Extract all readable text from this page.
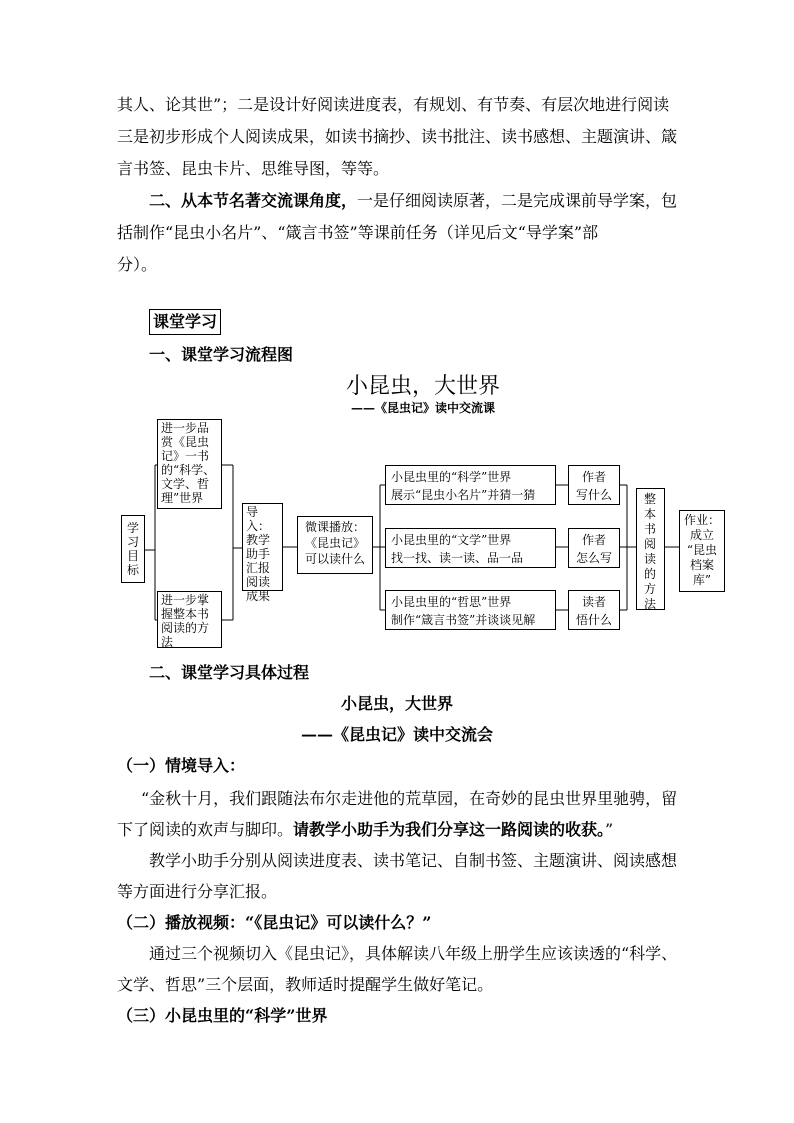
其人、论其世”；二是设计好阅读进度表，有规划、有节奏、有层次地进行阅读
三是初步形成个人阅读成果，如读书摘抄、读书批注、读书感想、主题演讲、箴
言书签、昆虫卡片、思维导图，等等。
二、从本节名著交流课角度，一是仔细阅读原著，二是完成课前导学案，包
括制作“昆虫小名片”、“箴言书签”等课前任务（详见后文“导学案”部
分）。
课堂学习
一、课堂学习流程图
小昆虫，大世界
——《昆虫记》读中交流课
学习目标
进一步品赏《昆虫记》一书的“科学、文学、哲理”世界
进一步掌握整本书阅读的方法
导入：教学助手汇报阅读成果
微课播放：
《昆虫记》
可以读什么
小昆虫里的“科学”世界
展示“昆虫小名片”并猜一猜
小昆虫里的“文学”世界
找一找、读一读、品一品
小昆虫里的“哲思”世界
制作“箴言书签”并谈谈见解
作者
写什么
作者
怎么写
读者
悟什么
整本书阅读的方法
作业：
成立
“昆虫
档案
库”
二、课堂学习具体过程
小昆虫，大世界
——《昆虫记》读中交流会
（一）情境导入：
“金秋十月，我们跟随法布尔走进他的荒草园，在奇妙的昆虫世界里驰骋，留
下了阅读的欢声与脚印。请教学小助手为我们分享这一路阅读的收获。”
教学小助手分别从阅读进度表、读书笔记、自制书签、主题演讲、阅读感想
等方面进行分享汇报。
（二）播放视频：“《昆虫记》可以读什么？”
通过三个视频切入《昆虫记》，具体解读八年级上册学生应该读透的“科学、
文学、哲思”三个层面，教师适时提醒学生做好笔记。
（三）小昆虫里的“科学”世界
